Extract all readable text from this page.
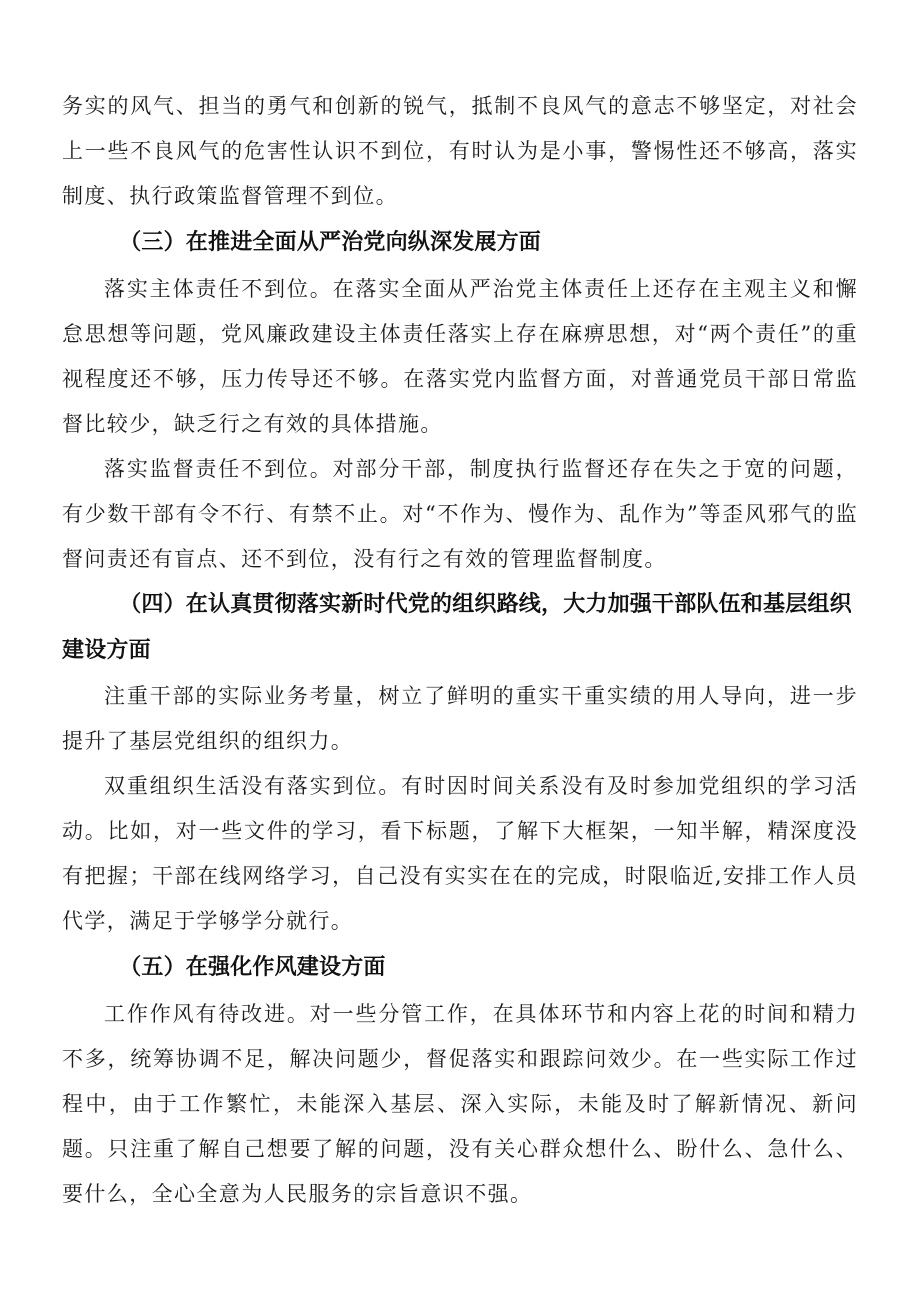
务实的风气、担当的勇气和创新的锐气，抵制不良风气的意志不够坚定，对社会上一些不良风气的危害性认识不到位，有时认为是小事，警惕性还不够高，落实制度、执行政策监督管理不到位。

（三）在推进全面从严治党向纵深发展方面

落实主体责任不到位。在落实全面从严治党主体责任上还存在主观主义和懈怠思想等问题，党风廉政建设主体责任落实上存在麻痹思想，对“两个责任”的重视程度还不够，压力传导还不够。在落实党内监督方面，对普通党员干部日常监督比较少，缺乏行之有效的具体措施。

落实监督责任不到位。对部分干部，制度执行监督还存在失之于宽的问题，有少数干部有令不行、有禁不止。对“不作为、慢作为、乱作为”等歪风邪气的监督问责还有盲点、还不到位，没有行之有效的管理监督制度。

（四）在认真贯彻落实新时代党的组织路线，大力加强干部队伍和基层组织建设方面

注重干部的实际业务考量，树立了鲜明的重实干重实绩的用人导向，进一步提升了基层党组织的组织力。

双重组织生活没有落实到位。有时因时间关系没有及时参加党组织的学习活动。比如，对一些文件的学习，看下标题，了解下大框架，一知半解，精深度没有把握；干部在线网络学习，自己没有实实在在的完成，时限临近,安排工作人员代学，满足于学够学分就行。

（五）在强化作风建设方面

工作作风有待改进。对一些分管工作，在具体环节和内容上花的时间和精力不多，统筹协调不足，解决问题少，督促落实和跟踪问效少。在一些实际工作过程中，由于工作繁忙，未能深入基层、深入实际，未能及时了解新情况、新问题。只注重了解自己想要了解的问题，没有关心群众想什么、盼什么、急什么、要什么，全心全意为人民服务的宗旨意识不强。
